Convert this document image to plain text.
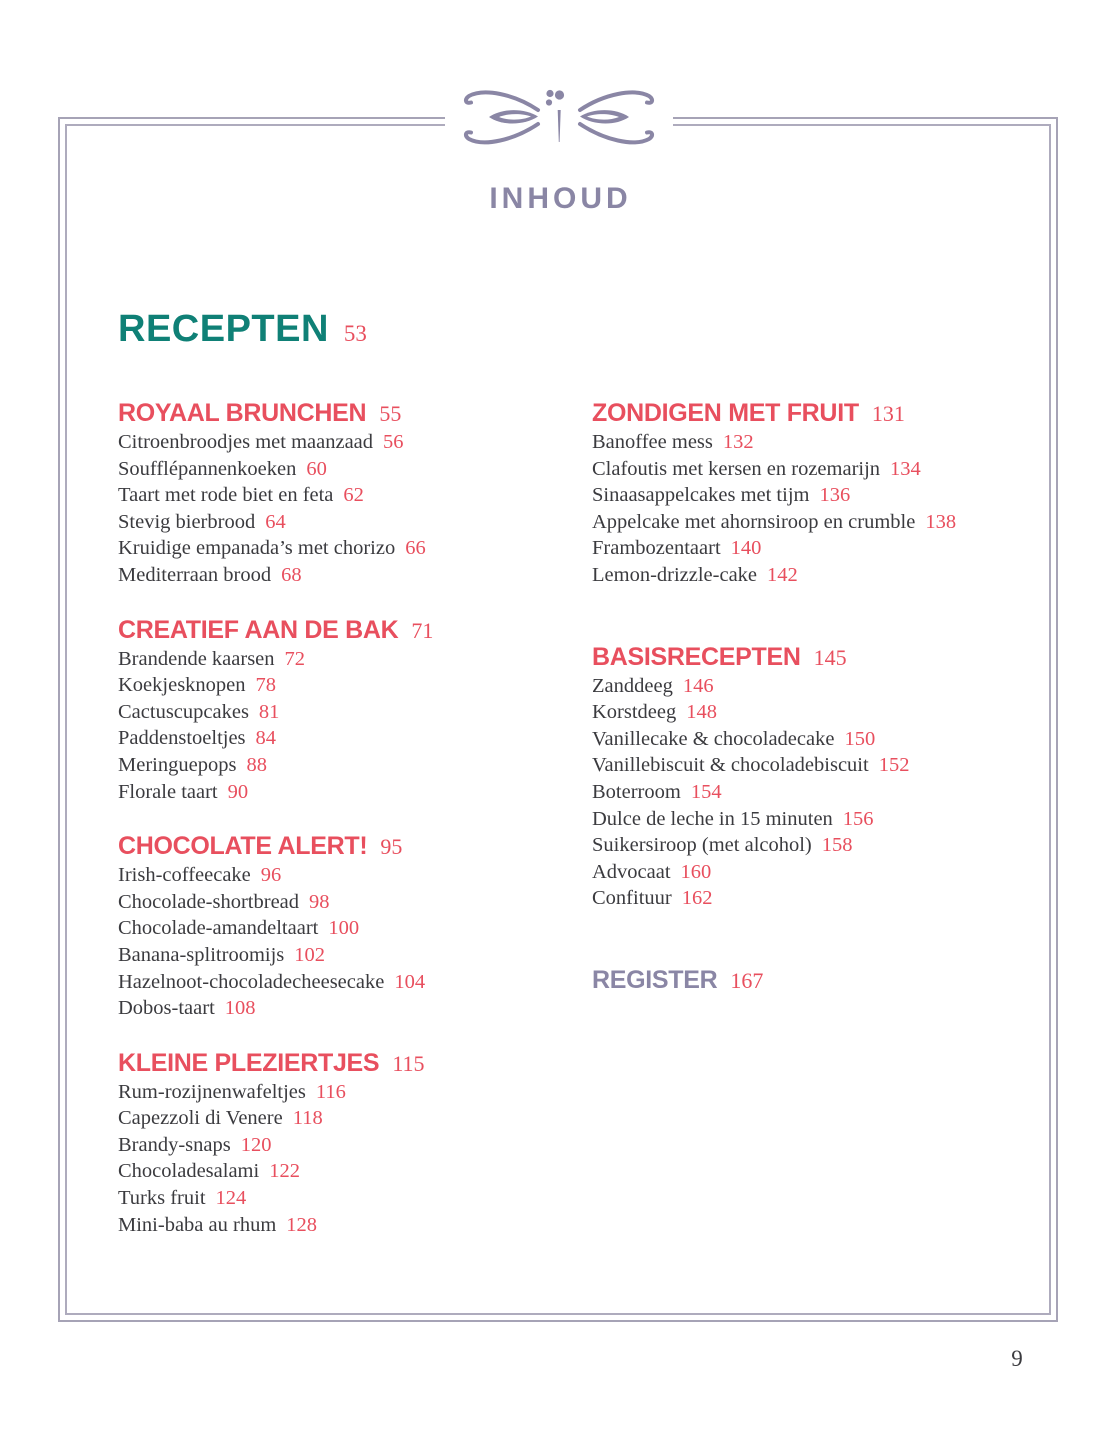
INHOUD
RECEPTEN 53
ROYAAL BRUNCHEN 55
Citroenbroodjes met maanzaad 56
Soufflépannenkoeken 60
Taart met rode biet en feta 62
Stevig bierbrood 64
Kruidige empanada’s met chorizo 66
Mediterraan brood 68
CREATIEF AAN DE BAK 71
Brandende kaarsen 72
Koekjesknopen 78
Cactuscupcakes 81
Paddenstoeltjes 84
Meringuepops 88
Florale taart 90
CHOCOLATE ALERT! 95
Irish-coffeecake 96
Chocolade-shortbread 98
Chocolade-amandeltaart 100
Banana-splitroomijs 102
Hazelnoot-chocoladecheesecake 104
Dobos-taart 108
KLEINE PLEZIERTJES 115
Rum-rozijnenwafeltjes 116
Capezzoli di Venere 118
Brandy-snaps 120
Chocoladesalami 122
Turks fruit 124
Mini-baba au rhum 128
ZONDIGEN MET FRUIT 131
Banoffee mess 132
Clafoutis met kersen en rozemarijn 134
Sinaasappelcakes met tijm 136
Appelcake met ahornsiroop en crumble 138
Frambozentaart 140
Lemon-drizzle-cake 142
BASISRECEPTEN 145
Zanddeeg 146
Korstdeeg 148
Vanillecake & chocoladecake 150
Vanillebiscuit & chocoladebiscuit 152
Boterroom 154
Dulce de leche in 15 minuten 156
Suikersiroop (met alcohol) 158
Advocaat 160
Confituur 162
REGISTER 167
9
